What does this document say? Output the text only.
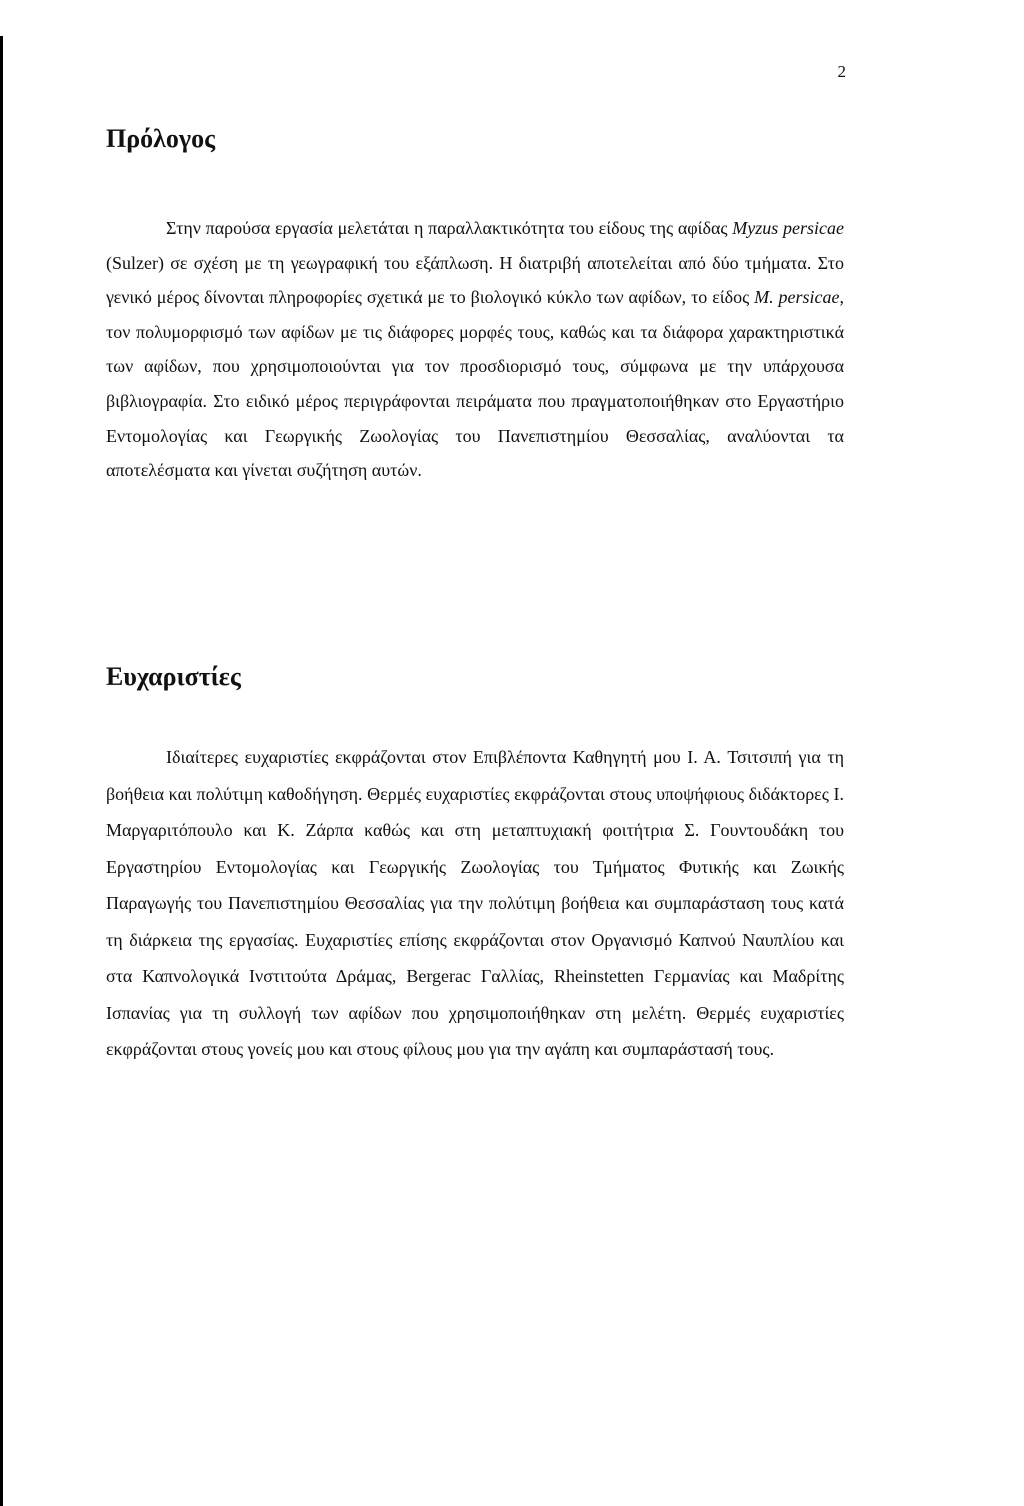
2
Πρόλογος

Στην παρούσα εργασία μελετάται η παραλλακτικότητα του είδους της αφίδας Myzus persicae (Sulzer) σε σχέση με τη γεωγραφική του εξάπλωση. Η διατριβή αποτελείται από δύο τμήματα. Στο γενικό μέρος δίνονται πληροφορίες σχετικά με το βιολογικό κύκλο των αφίδων, το είδος M. persicae, τον πολυμορφισμό των αφίδων με τις διάφορες μορφές τους, καθώς και τα διάφορα χαρακτηριστικά των αφίδων, που χρησιμοποιούνται για τον προσδιορισμό τους, σύμφωνα με την υπάρχουσα βιβλιογραφία. Στο ειδικό μέρος περιγράφονται πειράματα που πραγματοποιήθηκαν στο Εργαστήριο Εντομολογίας και Γεωργικής Ζωολογίας του Πανεπιστημίου Θεσσαλίας, αναλύονται τα αποτελέσματα και γίνεται συζήτηση αυτών.

Ευχαριστίες

Ιδιαίτερες ευχαριστίες εκφράζονται στον Επιβλέποντα Καθηγητή μου I. A. Τσιτσιπή για τη βοήθεια και πολύτιμη καθοδήγηση. Θερμές ευχαριστίες εκφράζονται στους υποψήφιους διδάκτορες I. Μαργαριτόπουλο και K. Ζάρπα καθώς και στη μεταπτυχιακή φοιτήτρια Σ. Γουντουδάκη του Εργαστηρίου Εντομολογίας και Γεωργικής Ζωολογίας του Τμήματος Φυτικής και Ζωικής Παραγωγής του Πανεπιστημίου Θεσσαλίας για την πολύτιμη βοήθεια και συμπαράσταση τους κατά τη διάρκεια της εργασίας. Ευχαριστίες επίσης εκφράζονται στον Οργανισμό Καπνού Ναυπλίου και στα Καπνολογικά Ινστιτούτα Δράμας, Bergerac Γαλλίας, Rheinstetten Γερμανίας και Μαδρίτης Ισπανίας για τη συλλογή των αφίδων που χρησιμοποιήθηκαν στη μελέτη. Θερμές ευχαριστίες εκφράζονται στους γονείς μου και στους φίλους μου για την αγάπη και συμπαράστασή τους.
